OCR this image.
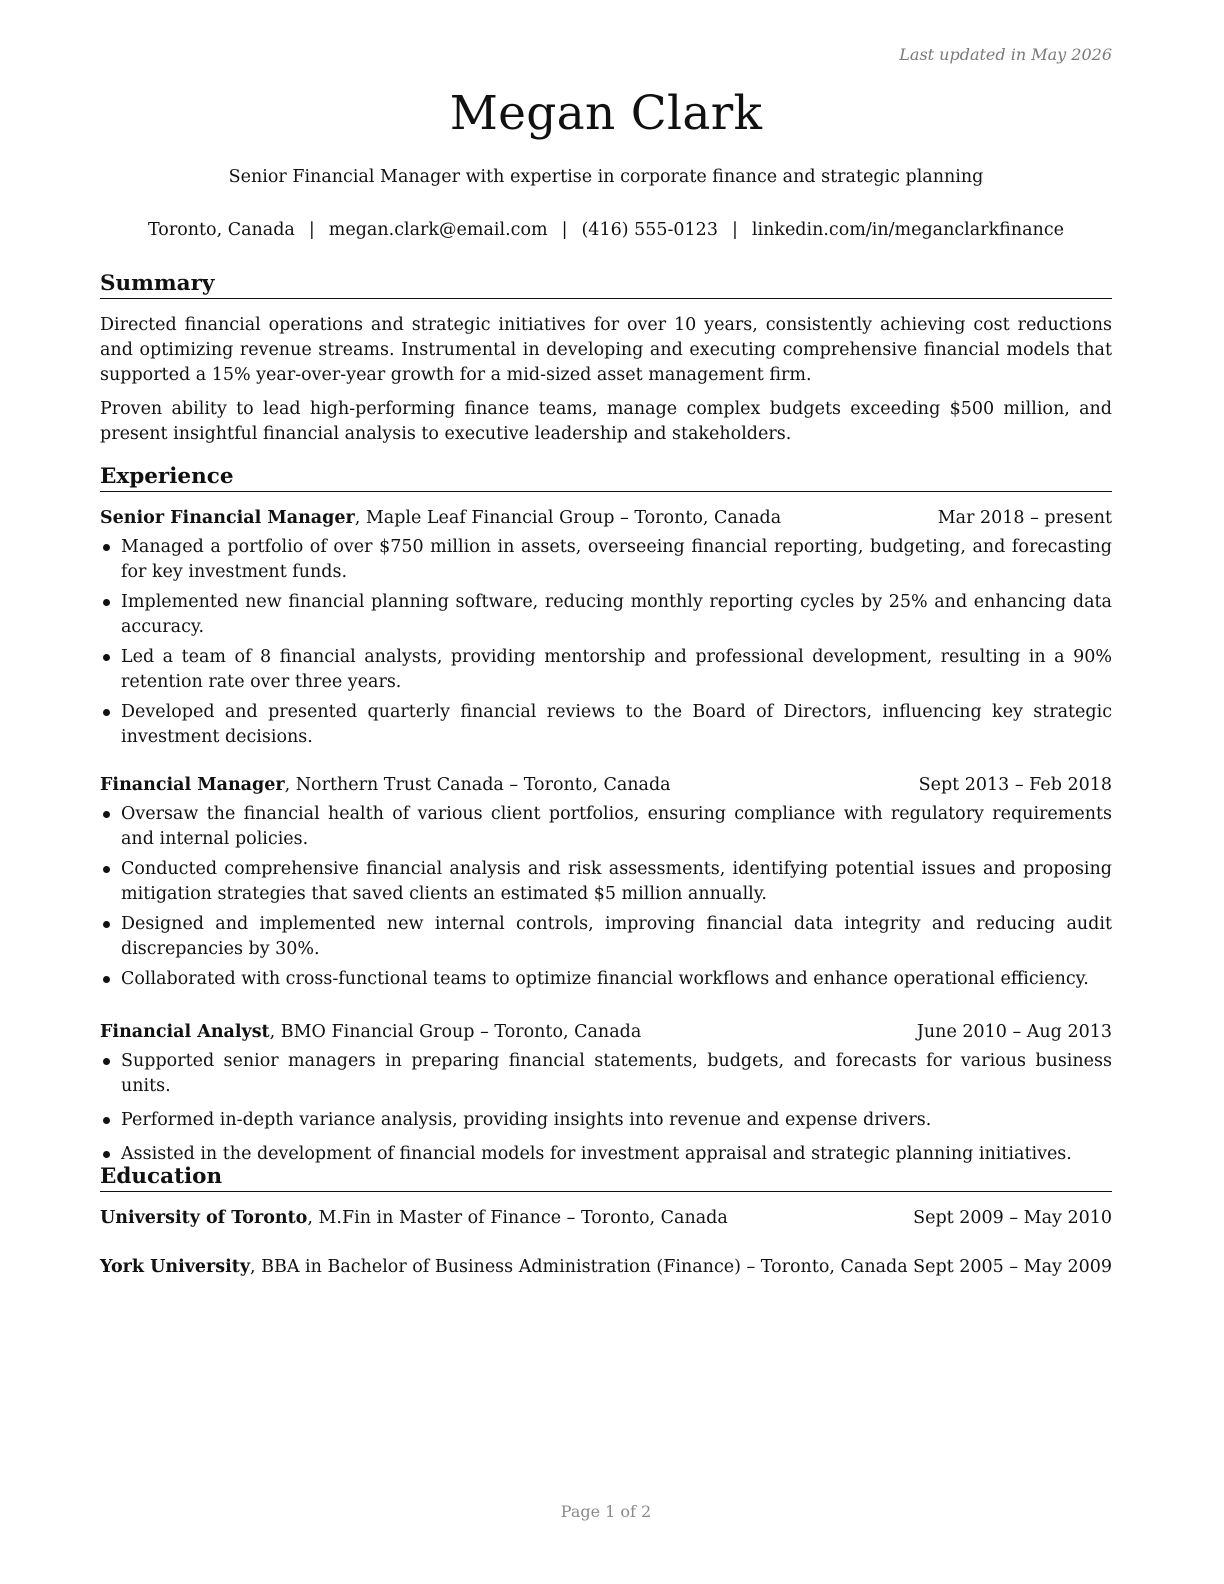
Last updated in May 2026
Megan Clark
Senior Financial Manager with expertise in corporate finance and strategic planning
Toronto, Canada | megan.clark@email.com | (416) 555-0123 | linkedin.com/in/meganclarkfinance
Summary

Directed financial operations and strategic initiatives for over 10 years, consistently achieving cost reductions and optimizing revenue streams. Instrumental in developing and executing comprehensive financial models that supported a 15% year-over-year growth for a mid-sized asset management firm.

Proven ability to lead high-performing finance teams, manage complex budgets exceeding $500 million, and present insightful financial analysis to executive leadership and stakeholders.

Experience
Senior Financial Manager, Maple Leaf Financial Group – Toronto, Canada	Mar 2018 – present
Managed a portfolio of over $750 million in assets, overseeing financial reporting, budgeting, and forecasting for key investment funds.
Implemented new financial planning software, reducing monthly reporting cycles by 25% and enhancing data accuracy.
Led a team of 8 financial analysts, providing mentorship and professional development, resulting in a 90% retention rate over three years.
Developed and presented quarterly financial reviews to the Board of Directors, influencing key strategic investment decisions.
Financial Manager, Northern Trust Canada – Toronto, Canada	Sept 2013 – Feb 2018
Oversaw the financial health of various client portfolios, ensuring compliance with regulatory requirements and internal policies.
Conducted comprehensive financial analysis and risk assessments, identifying potential issues and proposing mitigation strategies that saved clients an estimated $5 million annually.
Designed and implemented new internal controls, improving financial data integrity and reducing audit discrepancies by 30%.
Collaborated with cross-functional teams to optimize financial workflows and enhance operational efficiency.
Financial Analyst, BMO Financial Group – Toronto, Canada	June 2010 – Aug 2013
Supported senior managers in preparing financial statements, budgets, and forecasts for various business units.
Performed in-depth variance analysis, providing insights into revenue and expense drivers.
Assisted in the development of financial models for investment appraisal and strategic planning initiatives.
Education
University of Toronto, M.Fin in Master of Finance – Toronto, Canada	Sept 2009 – May 2010
York University, BBA in Bachelor of Business Administration (Finance) – Toronto, Canada Sept 2005 – May 2009
Page 1 of 2
